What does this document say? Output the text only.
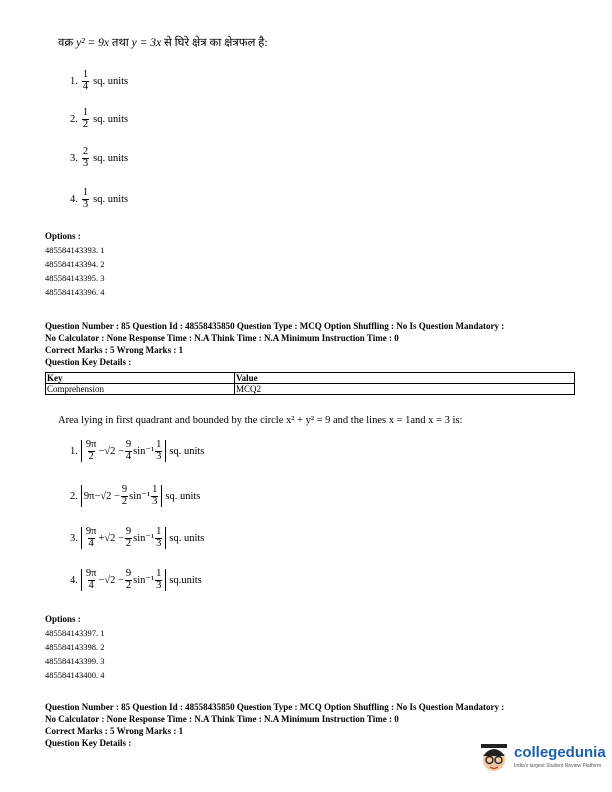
वक्र y² = 9x तथा y = 3x से घिरे क्षेत्र का क्षेत्रफल है:
1. $\frac{1}{4}$ sq. units
2. $\frac{1}{2}$ sq. units
3. $\frac{2}{3}$ sq. units
4. $\frac{1}{3}$ sq. units
Options :
485584143393. 1
485584143394. 2
485584143395. 3
485584143396. 4
Question Number : 85 Question Id : 48558435850 Question Type : MCQ Option Shuffling : No Is Question Mandatory :
No Calculator : None Response Time : N.A Think Time : N.A Minimum Instruction Time : 0
Correct Marks : 5 Wrong Marks : 1
Question Key Details :
Key	Value
Comprehension	MCQ2
Area lying in first quadrant and bounded by the circle x² + y² = 9 and the lines x = 1and x = 3 is:
1. $\frac{9\pi}{2} -√2 - \frac{9}{4} \sin^{-1} \frac{1}{3}$ sq. units
2. $9\pi -√2 - \frac{9}{2} \sin^{-1} \frac{1}{3}$ sq. units
3. $\frac{9\pi}{4} +√2 - \frac{9}{2} \sin^{-1} \frac{1}{3}$ sq. units
4. $\frac{9\pi}{4} -√2 - \frac{9}{2} \sin^{-1} \frac{1}{3}$ sq.units
Options :
485584143397. 1
485584143398. 2
485584143399. 3
485584143400. 4
Question Number : 85 Question Id : 48558435850 Question Type : MCQ Option Shuffling : No Is Question Mandatory :
No Calculator : None Response Time : N.A Think Time : N.A Minimum Instruction Time : 0
Correct Marks : 5 Wrong Marks : 1
Question Key Details :
collegedunia
India's largest Student Review Platform
